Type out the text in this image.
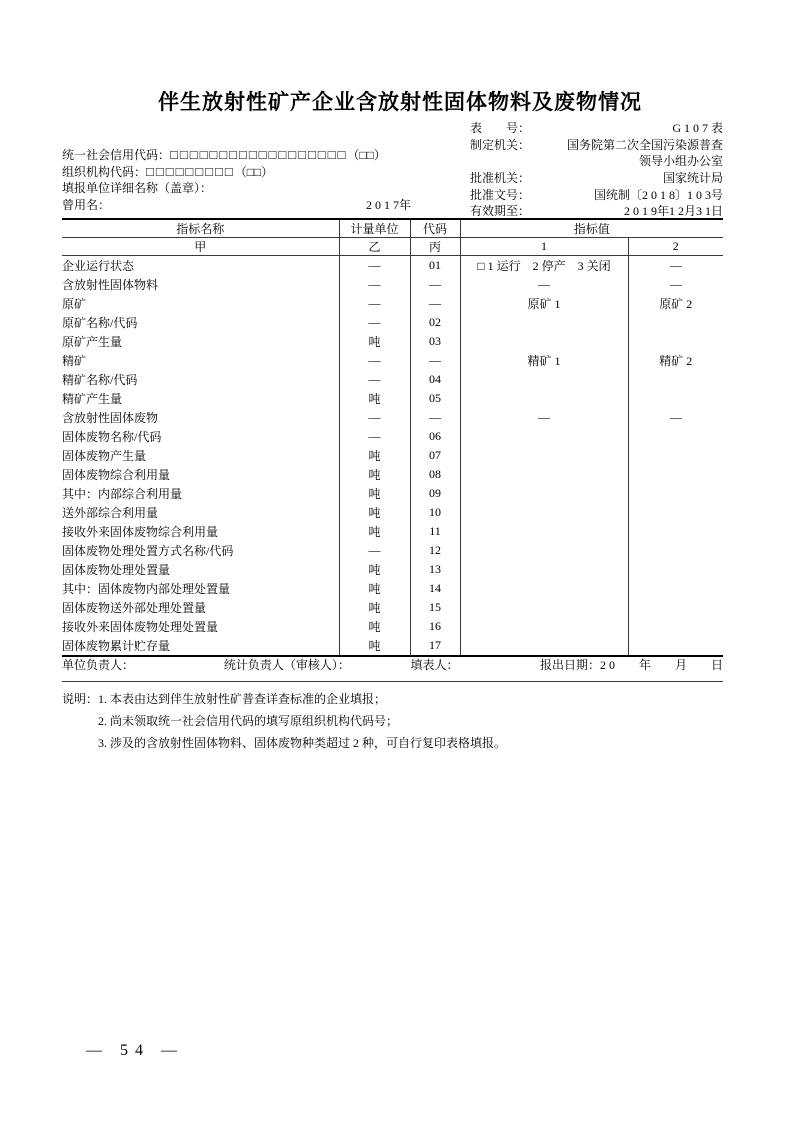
伴生放射性矿产企业含放射性固体物料及废物情况
统一社会信用代码：□□□□□□□□□□□□□□□□□□（□□）
组织机构代码：□□□□□□□□□（□□）
填报单位详细名称（盖章）：
曾用名：	2 0 1 7年
表　　号：	G 1 0 7 表
制定机关：	国务院第二次全国污染源普查
领导小组办公室
批准机关：	国家统计局
批准文号：	国统制〔2 0 1 8〕1 0 3号
有效期至：	2 0 1 9年1 2月3 1日
指标名称	计量单位	代码	指标值	
甲	乙	丙	1	2
企业运行状态	—	01	□ 1 运行　2 停产　3 关闭	—
含放射性固体物料	—	—	—	—
原矿	—	—	原矿 1	原矿 2
原矿名称/代码	—	02		
原矿产生量	吨	03		
精矿	—	—	精矿 1	精矿 2
精矿名称/代码	—	04		
精矿产生量	吨	05		
含放射性固体废物	—	—	—	—
固体废物名称/代码	—	06		
固体废物产生量	吨	07		
固体废物综合利用量	吨	08		
其中：内部综合利用量	吨	09		
送外部综合利用量	吨	10		
接收外来固体废物综合利用量	吨	11		
固体废物处理处置方式名称/代码	—	12		
固体废物处理处置量	吨	13		
其中：固体废物内部处理处置量	吨	14		
固体废物送外部处理处置量	吨	15		
接收外来固体废物处理处置量	吨	16		
固体废物累计贮存量	吨	17		
单位负责人：	统计负责人（审核人）：	填表人：	报出日期：2 0　　年　　月　　日
说明： 1. 本表由达到伴生放射性矿普查详查标准的企业填报；
2. 尚未领取统一社会信用代码的填写原组织机构代码号；
3. 涉及的含放射性固体物料、固体废物种类超过 2 种，可自行复印表格填报。
— 54 —
